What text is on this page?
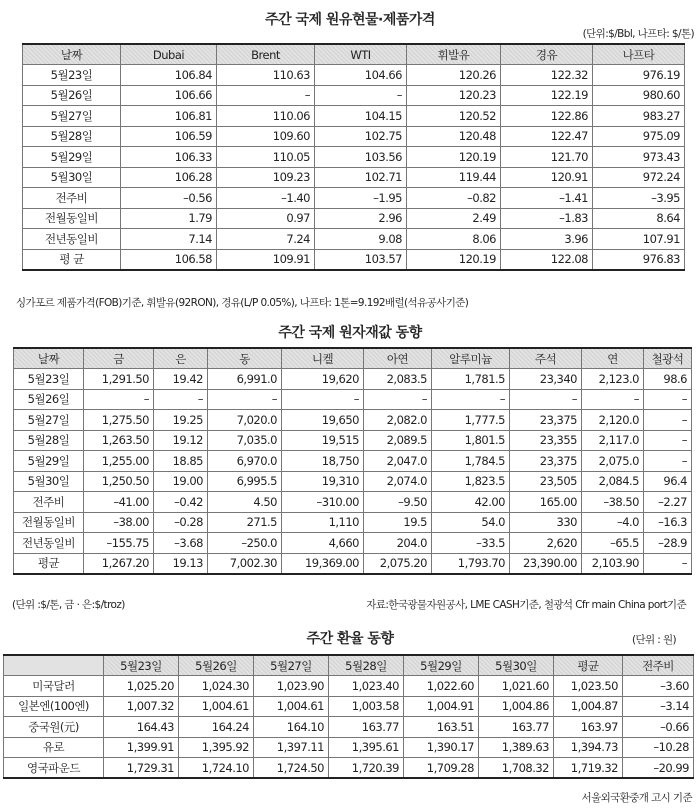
주간 국제 원유현물·제품가격
(단위:$/Bbl, 나프타: $/톤)
날짜	Dubai	Brent	WTI	휘발유	경유	나프타
5월23일	106.84	110.63	104.66	120.26	122.32	976.19
5월26일	106.66	–	–	120.23	122.19	980.60
5월27일	106.81	110.06	104.15	120.52	122.86	983.27
5월28일	106.59	109.60	102.75	120.48	122.47	975.09
5월29일	106.33	110.05	103.56	120.19	121.70	973.43
5월30일	106.28	109.23	102.71	119.44	120.91	972.24
전주비	–0.56	–1.40	–1.95	–0.82	–1.41	–3.95
전월동일비	1.79	0.97	2.96	2.49	–1.83	8.64
전년동일비	7.14	7.24	9.08	8.06	3.96	107.91
평 균	106.58	109.91	103.57	120.19	122.08	976.83
싱가포르 제품가격(FOB)기준, 휘발유(92RON), 경유(L/P 0.05%), 나프타: 1톤=9.192배럴(석유공사기준)
주간 국제 원자재값 동향
날짜	금	은	동	니켈	아연	알루미늄	주석	연	철광석
5월23일	1,291.50	19.42	6,991.0	19,620	2,083.5	1,781.5	23,340	2,123.0	98.6
5월26일	–	–	–	–	–	–	–	–	–
5월27일	1,275.50	19.25	7,020.0	19,650	2,082.0	1,777.5	23,375	2,120.0	–
5월28일	1,263.50	19.12	7,035.0	19,515	2,089.5	1,801.5	23,355	2,117.0	–
5월29일	1,255.00	18.85	6,970.0	18,750	2,047.0	1,784.5	23,375	2,075.0	–
5월30일	1,250.50	19.00	6,995.5	19,310	2,074.0	1,823.5	23,505	2,084.5	96.4
전주비	–41.00	–0.42	4.50	–310.00	–9.50	42.00	165.00	–38.50	–2.27
전월동일비	–38.00	–0.28	271.5	1,110	19.5	54.0	330	–4.0	–16.3
전년동일비	–155.75	–3.68	–250.0	4,660	204.0	–33.5	2,620	–65.5	–28.9
평균	1,267.20	19.13	7,002.30	19,369.00	2,075.20	1,793.70	23,390.00	2,103.90	–
(단위 :$/톤, 금 · 은:$/troz)	자료:한국광물자원공사, LME CASH기준, 철광석 Cfr main China port기준
주간 환율 동향	(단위 : 원)
	5월23일	5월26일	5월27일	5월28일	5월29일	5월30일	평균	전주비
미국달러	1,025.20	1,024.30	1,023.90	1,023.40	1,022.60	1,021.60	1,023.50	–3.60
일본엔(100엔)	1,007.32	1,004.61	1,004.61	1,003.58	1,004.91	1,004.86	1,004.87	–3.14
중국원(元)	164.43	164.24	164.10	163.77	163.51	163.77	163.97	–0.66
유로	1,399.91	1,395.92	1,397.11	1,395.61	1,390.17	1,389.63	1,394.73	–10.28
영국파운드	1,729.31	1,724.10	1,724.50	1,720.39	1,709.28	1,708.32	1,719.32	–20.99
서울외국환중개 고시 기준
